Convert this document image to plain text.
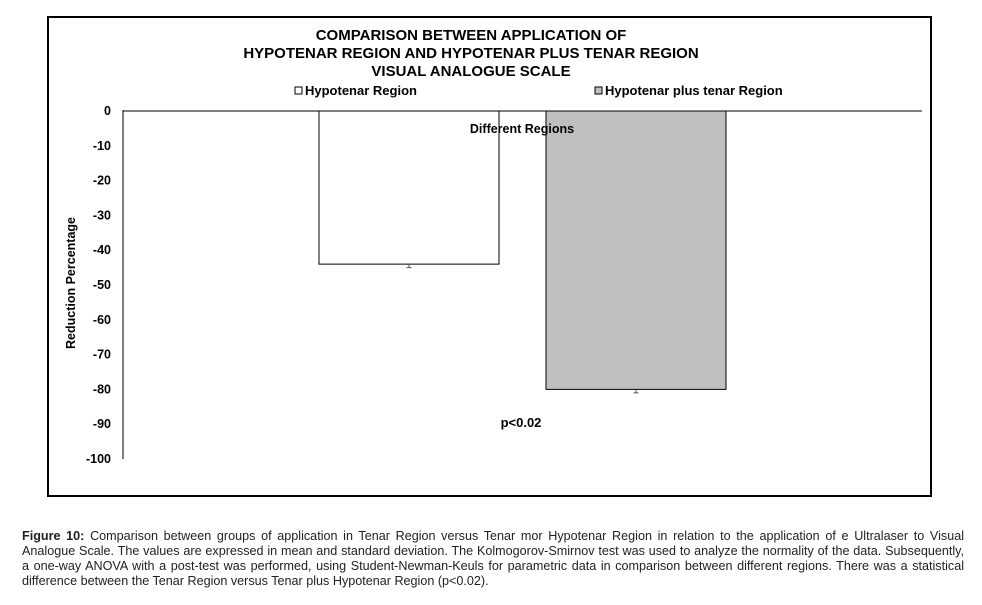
COMPARISON BETWEEN APPLICATION OF
HYPOTENAR REGION AND HYPOTENAR PLUS TENAR REGION
VISUAL ANALOGUE SCALE
Hypotenar Region	Hypotenar plus tenar Region
0
-10
-20
-30
-40
-50
-60
-70
-80
-90
-100
Reduction Percentage
Different Regions
p<0.02

Figure 10: Comparison between groups of application in Tenar Region versus Tenar mor Hypotenar Region in relation to the application of e Ultralaser to Visual Analogue Scale. The values are expressed in mean and standard deviation. The Kolmogorov-Smirnov test was used to analyze the normality of the data. Subsequently, a one-way ANOVA with a post-test was performed, using Student-Newman-Keuls for parametric data in comparison between different regions. There was a statistical difference between the Tenar Region versus Tenar plus Hypotenar Region (p<0.02).
